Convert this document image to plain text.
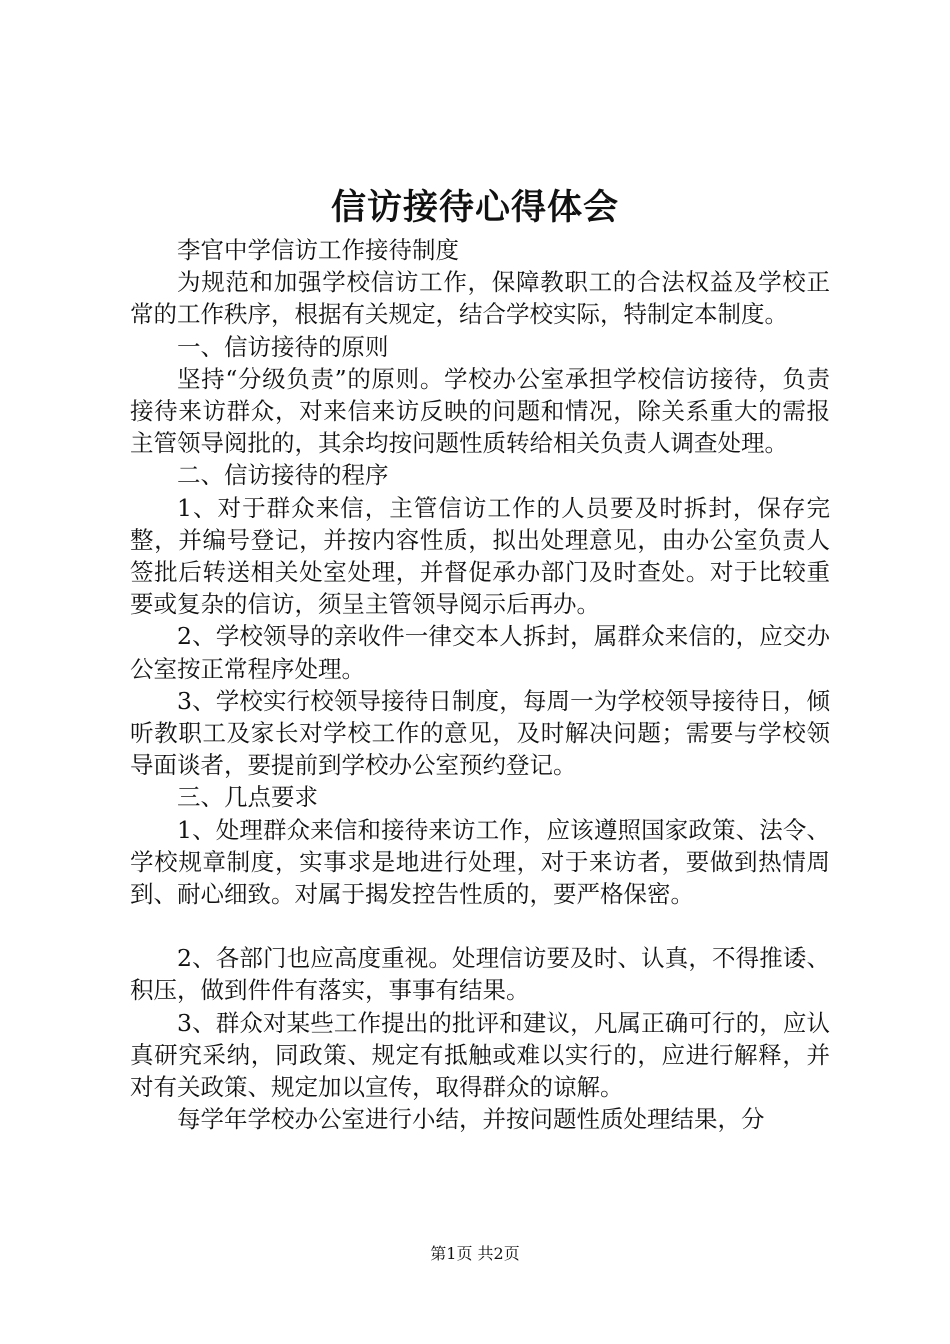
信访接待心得体会

李官中学信访工作接待制度

为规范和加强学校信访工作，保障教职工的合法权益及学校正常的工作秩序，根据有关规定，结合学校实际，特制定本制度。

一、信访接待的原则

坚持“分级负责”的原则。学校办公室承担学校信访接待，负责接待来访群众，对来信来访反映的问题和情况，除关系重大的需报主管领导阅批的，其余均按问题性质转给相关负责人调查处理。

二、信访接待的程序

1、对于群众来信，主管信访工作的人员要及时拆封，保存完整，并编号登记，并按内容性质，拟出处理意见，由办公室负责人签批后转送相关处室处理，并督促承办部门及时查处。对于比较重要或复杂的信访，须呈主管领导阅示后再办。

2、学校领导的亲收件一律交本人拆封，属群众来信的，应交办公室按正常程序处理。

3、学校实行校领导接待日制度，每周一为学校领导接待日，倾听教职工及家长对学校工作的意见，及时解决问题；需要与学校领导面谈者，要提前到学校办公室预约登记。

三、几点要求

1、处理群众来信和接待来访工作，应该遵照国家政策、法令、学校规章制度，实事求是地进行处理，对于来访者，要做到热情周到、耐心细致。对属于揭发控告性质的，要严格保密。

2、各部门也应高度重视。处理信访要及时、认真，不得推诿、积压，做到件件有落实，事事有结果。

3、群众对某些工作提出的批评和建议，凡属正确可行的，应认真研究采纳，同政策、规定有抵触或难以实行的，应进行解释，并对有关政策、规定加以宣传，取得群众的谅解。

每学年学校办公室进行小结，并按问题性质处理结果，分

第1页 共2页
